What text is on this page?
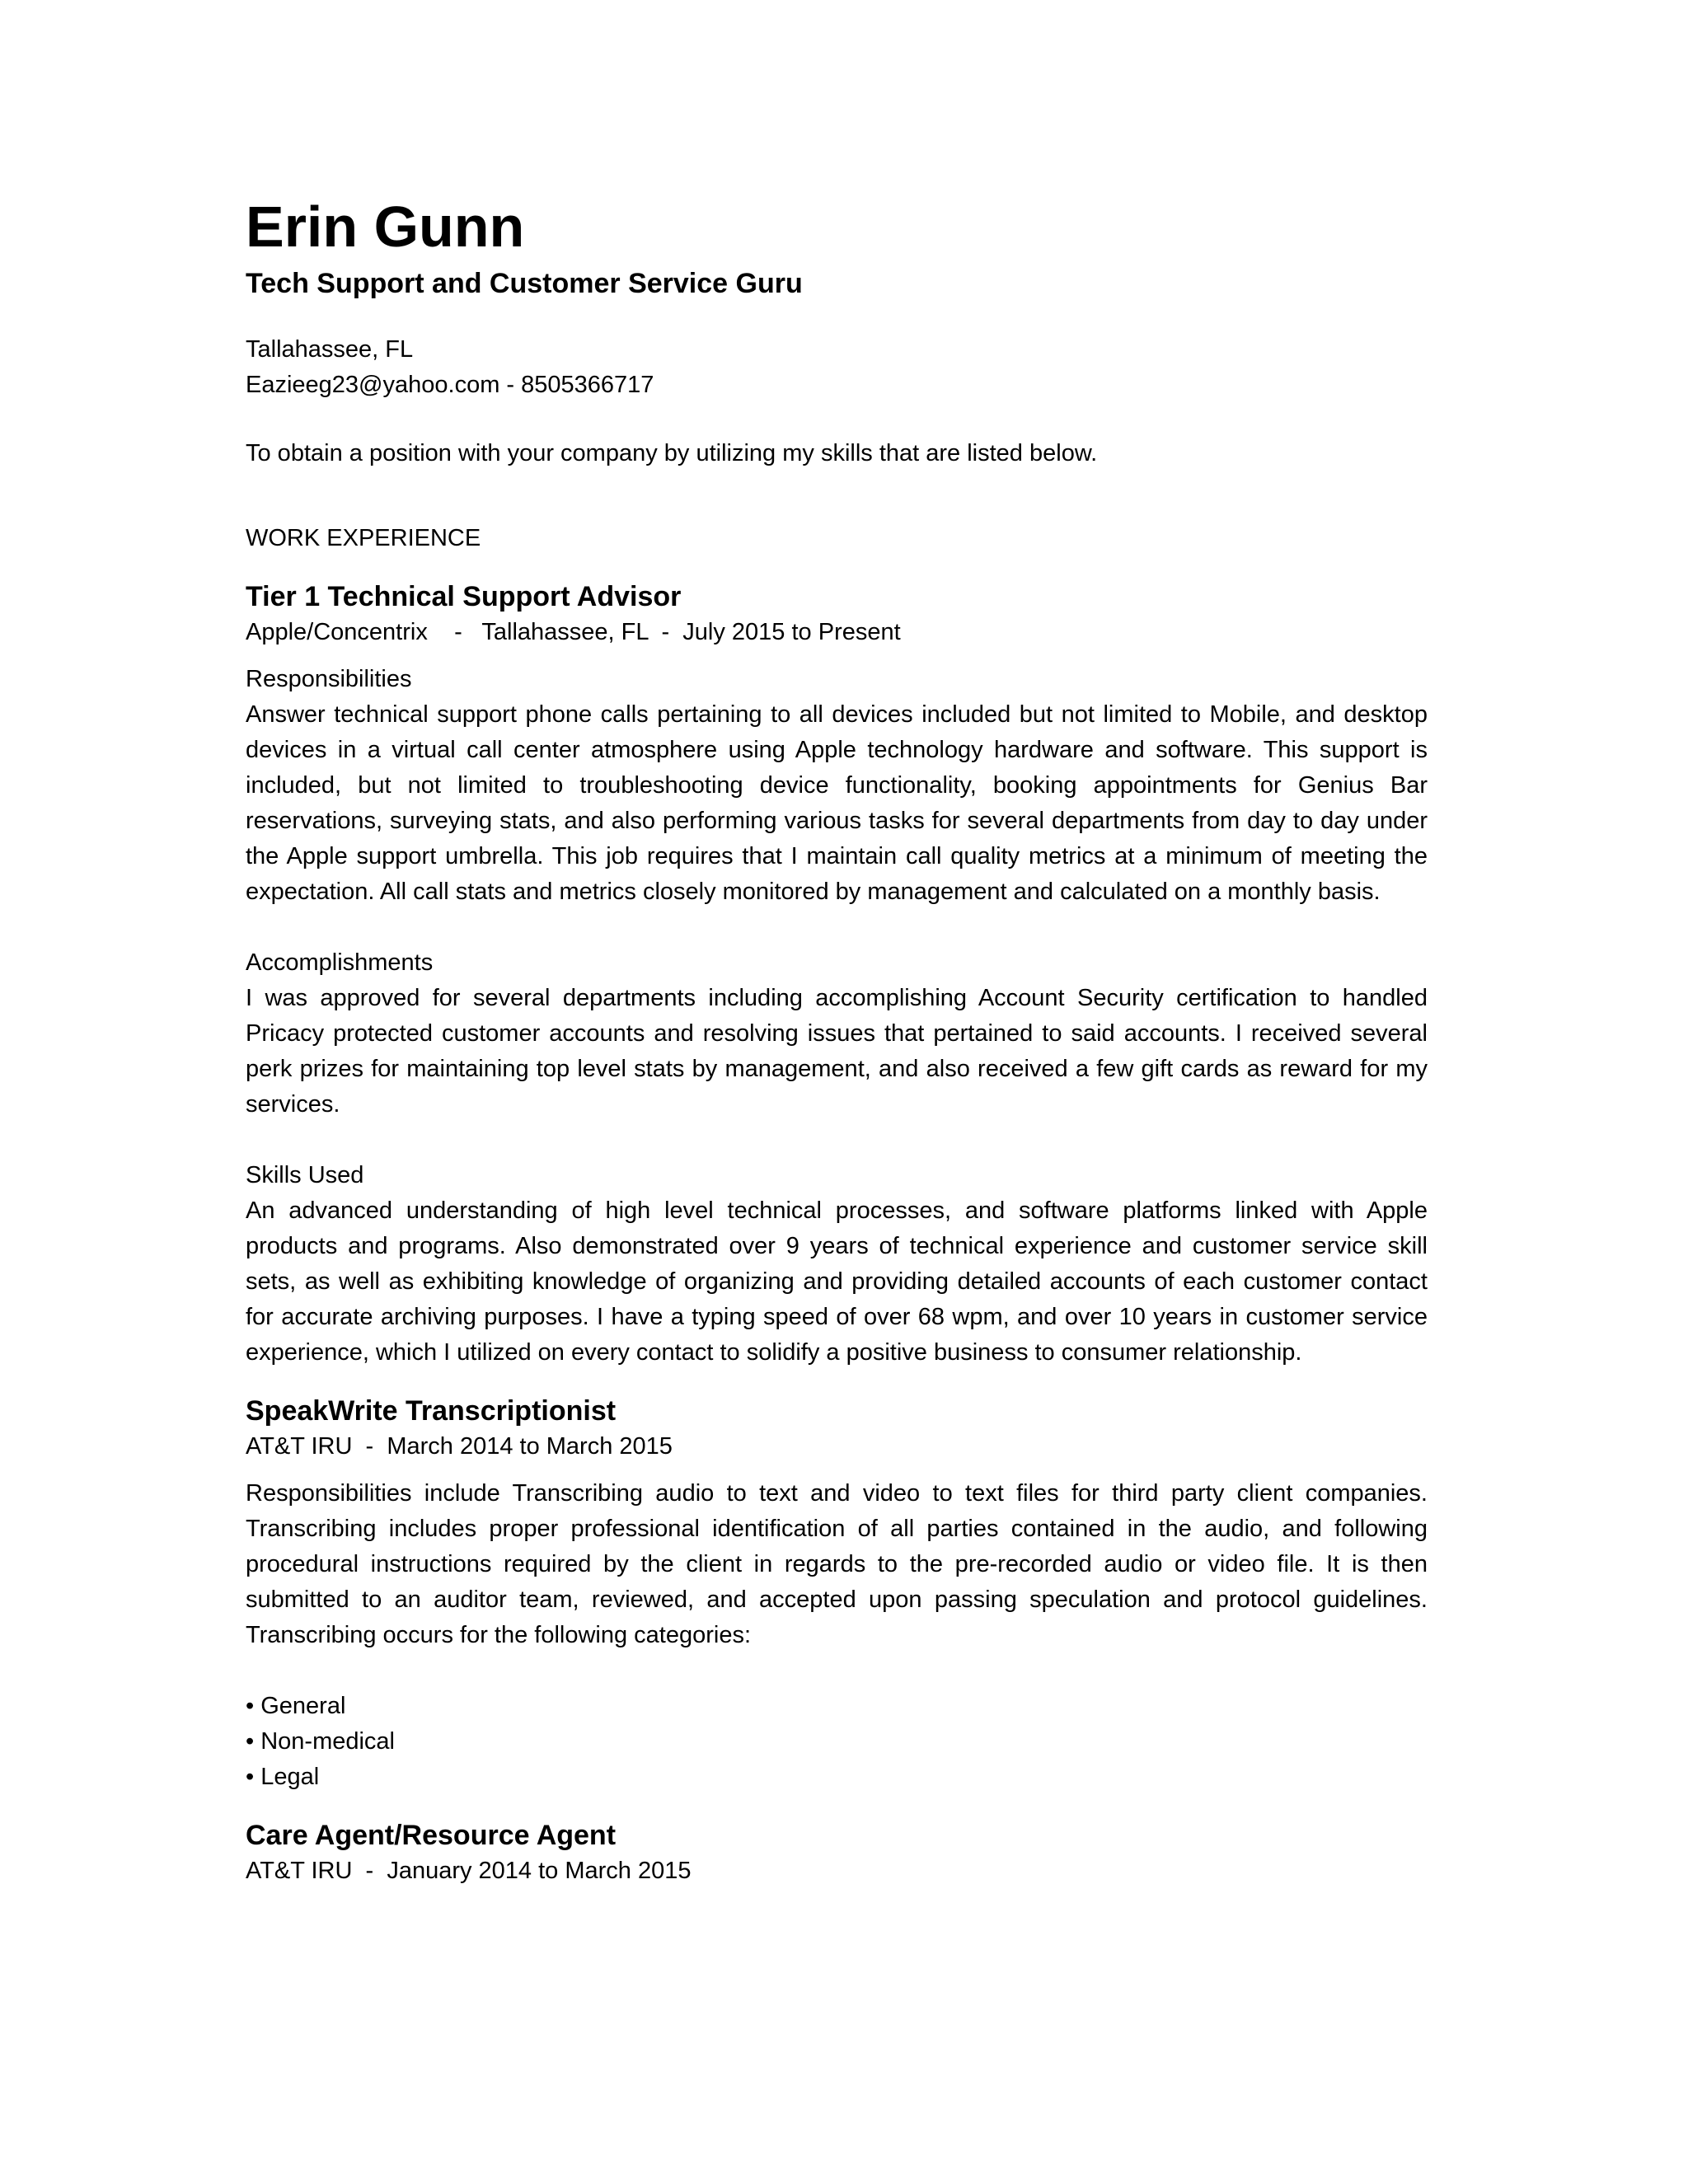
Erin Gunn
Tech Support and Customer Service Guru
Tallahassee, FL
Eazieeg23@yahoo.com - 8505366717
To obtain a position with your company by utilizing my skills that are listed below.
WORK EXPERIENCE
Tier 1 Technical Support Advisor
Apple/Concentrix    -   Tallahassee, FL  -  July 2015 to Present
Responsibilities
Answer technical support phone calls pertaining to all devices included but not limited to Mobile, and desktop devices in a virtual call center atmosphere using Apple technology hardware and software. This support is included, but not limited to troubleshooting device functionality, booking appointments for Genius Bar reservations, surveying stats, and also performing various tasks for several departments from day to day under the Apple support umbrella. This job requires that I maintain call quality metrics at a minimum of meeting the expectation. All call stats and metrics closely monitored by management and calculated on a monthly basis.
Accomplishments
I was approved for several departments including accomplishing Account Security certification to handled Pricacy protected customer accounts and resolving issues that pertained to said accounts. I received several perk prizes for maintaining top level stats by management, and also received a few gift cards as reward for my services.
Skills Used
An advanced understanding of high level technical processes, and software platforms linked with Apple products and programs. Also demonstrated over 9 years of technical experience and customer service skill sets, as well as exhibiting knowledge of organizing and providing detailed accounts of each customer contact for accurate archiving purposes. I have a typing speed of over 68 wpm, and over 10 years in customer service experience, which I utilized on every contact to solidify a positive business to consumer relationship.
SpeakWrite Transcriptionist
AT&T IRU  -  March 2014 to March 2015
Responsibilities include Transcribing audio to text and video to text files for third party client companies. Transcribing includes proper professional identification of all parties contained in the audio, and following procedural instructions required by the client in regards to the pre-recorded audio or video file. It is then submitted to an auditor team, reviewed, and accepted upon passing speculation and protocol guidelines. Transcribing occurs for the following categories:
• General
• Non-medical
• Legal
Care Agent/Resource Agent
AT&T IRU  -  January 2014 to March 2015
